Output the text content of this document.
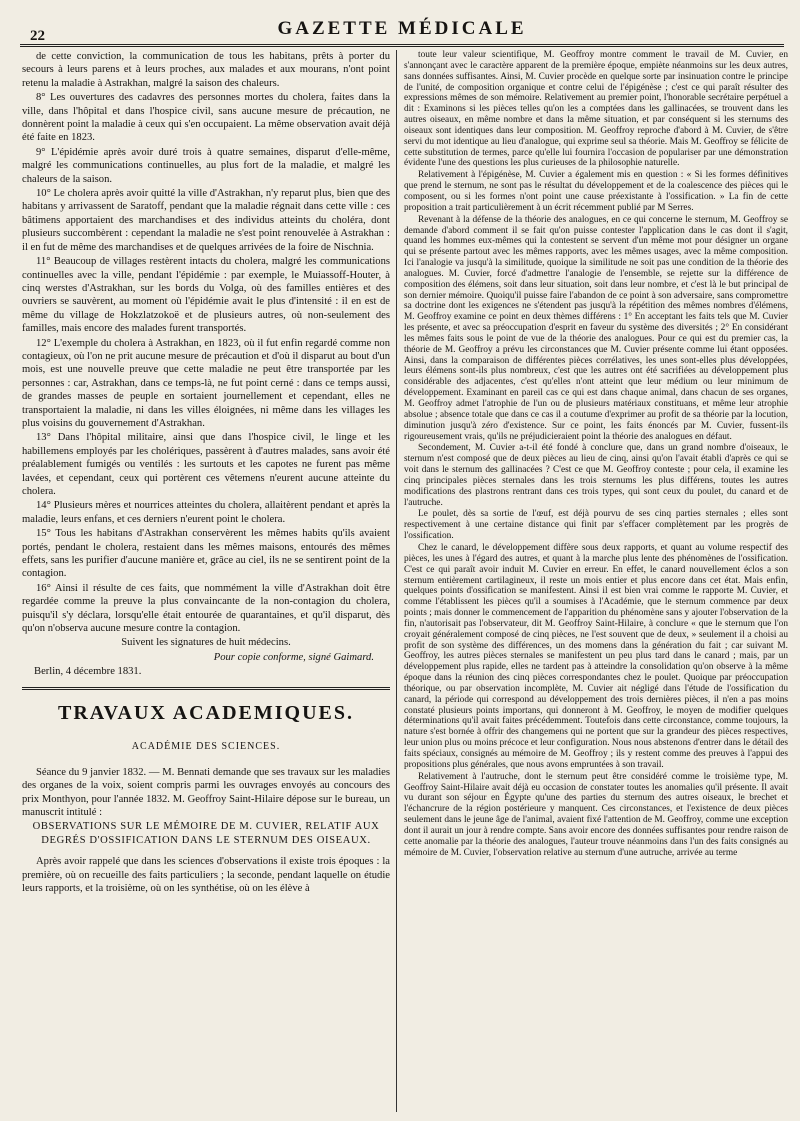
22	GAZETTE MÉDICALE

de cette conviction, la communication de tous les habitans, prêts à porter du secours à leurs parens et à leurs proches, aux malades et aux mourans, n'ont point retenu la maladie à Astrakhan, malgré la saison des chaleurs.

8° Les ouvertures des cadavres des personnes mortes du cholera, faites dans la ville, dans l'hôpital et dans l'hospice civil, sans aucune mesure de précaution, ne donnèrent point la maladie à ceux qui s'en occupaient. La même observation avait déjà été faite en 1823.

9° L'épidémie après avoir duré trois à quatre semaines, disparut d'elle-même, malgré les communications continuelles, au plus fort de la maladie, et malgré les chaleurs de la saison.

10° Le cholera après avoir quitté la ville d'Astrakhan, n'y reparut plus, bien que des habitans y arrivassent de Saratoff, pendant que la maladie régnait dans cette ville : ces bâtimens apportaient des marchandises et des individus atteints du choléra, dont plusieurs succombèrent : cependant la maladie ne s'est point renouvelée à Astrakhan : il en fut de même des marchandises et de quelques arrivées de la foire de Nischnia.

11° Beaucoup de villages restèrent intacts du cholera, malgré les communications continuelles avec la ville, pendant l'épidémie : par exemple, le Muiassoff-Houter, à cinq werstes d'Astrakhan, sur les bords du Volga, où des familles entières et des ouvriers se sauvèrent, au moment où l'épidémie avait le plus d'intensité : il en est de même du village de Hokzlatzokoë et de plusieurs autres, où non-seulement des familles, mais encore des malades furent transportés.

12° L'exemple du cholera à Astrakhan, en 1823, où il fut enfin regardé comme non contagieux, où l'on ne prit aucune mesure de précaution et d'où il disparut au bout d'un mois, est une nouvelle preuve que cette maladie ne peut être transportée par les personnes : car, Astrakhan, dans ce temps-là, ne fut point cerné : dans ce temps aussi, de grandes masses de peuple en sortaient journellement et cependant, elles ne transportaient la maladie, ni dans les villes éloignées, ni même dans les villages les plus voisins du gouvernement d'Astrakhan.

13° Dans l'hôpital militaire, ainsi que dans l'hospice civil, le linge et les habillemens employés par les cholériques, passèrent à d'autres malades, sans avoir été préalablement fumigés ou ventilés : les surtouts et les capotes ne furent pas même lavées, et cependant, ceux qui portèrent ces vêtemens n'eurent aucune atteinte du cholera.

14° Plusieurs mères et nourrices atteintes du cholera, allaitèrent pendant et après la maladie, leurs enfans, et ces derniers n'eurent point le cholera.

15° Tous les habitans d'Astrakhan conservèrent les mêmes habits qu'ils avaient portés, pendant le cholera, restaient dans les mêmes maisons, entourés des mêmes effets, sans les purifier d'aucune manière et, grâce au ciel, ils ne se sentirent point de la contagion.

16° Ainsi il résulte de ces faits, que nommément la ville d'Astrakhan doit être regardée comme la preuve la plus convaincante de la non-contagion du cholera, puisqu'il s'y déclara, lorsqu'elle était entourée de quarantaines, et qu'il disparut, dès qu'on n'observa aucune mesure contre la contagion.

Suivent les signatures de huit médecins.

Pour copie conforme, signé Gaimard.

Berlin, 4 décembre 1831.

TRAVAUX ACADEMIQUES.
ACADÉMIE DES SCIENCES.

Séance du 9 janvier 1832. — M. Bennati demande que ses travaux sur les maladies des organes de la voix, soient compris parmi les ouvrages envoyés au concours des prix Monthyon, pour l'année 1832. M. Geoffroy Saint-Hilaire dépose sur le bureau, un manuscrit intitulé :

OBSERVATIONS SUR LE MÉMOIRE DE M. CUVIER, RELATIF AUX DEGRÉS D'OSSIFICATION DANS LE STERNUM DES OISEAUX.

Après avoir rappelé que dans les sciences d'observations il existe trois époques : la première, où on recueille des faits particuliers ; la seconde, pendant laquelle on étudie leurs rapports, et la troisième, où on les synthétise, où on les élève à

toute leur valeur scientifique, M. Geoffroy montre comment le travail de M. Cuvier, en s'annonçant avec le caractère apparent de la première époque, empiète néanmoins sur les deux autres, sans données suffisantes. Ainsi, M. Cuvier procède en quelque sorte par insinuation contre le principe de l'unité, de composition organique et contre celui de l'épigénèse ; c'est ce qui paraît résulter des expressions mêmes de son mémoire. Relativement au premier point, l'honorable secrétaire perpétuel a dit : Examinons si les pièces telles qu'on les a comptées dans les gallinacées, se trouvent dans les autres oiseaux, en même nombre et dans la même situation, et par conséquent si les sternums des oiseaux sont identiques dans leur composition. M. Geoffroy reproche d'abord à M. Cuvier, de s'être servi du mot identique au lieu d'analogue, qui exprime seul sa théorie. Mais M. Geoffroy se félicite de cette substitution de termes, parce qu'elle lui fournira l'occasion de populariser par une démonstration évidente l'une des questions les plus curieuses de la philosophie naturelle.

Relativement à l'épigénèse, M. Cuvier a également mis en question : « Si les formes définitives que prend le sternum, ne sont pas le résultat du développement et de la coalescence des pièces qui le composent, ou si les formes n'ont point une cause préexistante à l'ossification. » La fin de cette proposition a trait particulièrement à un écrit récemment publié par M Serres.

Revenant à la défense de la théorie des analogues, en ce qui concerne le sternum, M. Geoffroy se demande d'abord comment il se fait qu'on puisse contester l'application dans le cas dont il s'agit, quand les hommes eux-mêmes qui la contestent se servent d'un même mot pour désigner un organe qui se présente partout avec les mêmes rapports, avec les mêmes usages, avec la même composition. Ici l'analogie va jusqu'à la similitude, quoique la similitude ne soit pas une condition de la théorie des analogues. M. Cuvier, forcé d'admettre l'analogie de l'ensemble, se rejette sur la différence de composition des élémens, soit dans leur situation, soit dans leur nombre, et c'est là le but principal de son dernier mémoire. Quoiqu'il puisse faire l'abandon de ce point à son adversaire, sans compromettre sa doctrine dont les exigences ne s'étendent pas jusqu'à la répétition des mêmes nombres d'élémens, M. Geoffroy examine ce point en deux thèmes différens : 1° En acceptant les faits tels que M. Cuvier les présente, et avec sa préoccupation d'esprit en faveur du système des diversités ; 2° En considérant les mêmes faits sous le point de vue de la théorie des analogues. Pour ce qui est du premier cas, la théorie de M. Geoffroy a prévu les circonstances que M. Cuvier présente comme lui étant opposées. Ainsi, dans la comparaison de différentes pièces corrélatives, les unes sont-elles plus développées, leurs élémens sont-ils plus nombreux, c'est que les autres ont été sacrifiées au développement plus considérable des adjacentes, c'est qu'elles n'ont atteint que leur médium ou leur minimum de développement. Examinant en pareil cas ce qui est dans chaque animal, dans chacun de ses organes, M. Geoffroy admet l'atrophie de l'un ou de plusieurs matériaux constituans, et même leur atrophie absolue ; absence totale que dans ce cas il a coutume d'exprimer au profit de sa théorie par la locution, diminution jusqu'à zéro d'existence. Sur ce point, les faits énoncés par M. Cuvier, fussent-ils rigoureusement vrais, qu'ils ne préjudicieraient point la théorie des analogues en défaut.

Secondement, M. Cuvier a-t-il été fondé à conclure que, dans un grand nombre d'oiseaux, le sternum n'est composé que de deux pièces au lieu de cinq, ainsi qu'on l'avait établi d'après ce qui se voit dans le sternum des gallinacées ? C'est ce que M. Geoffroy conteste ; pour cela, il examine les cinq principales pièces sternales dans les trois sternums les plus différens, toutes les autres modifications des plastrons rentrant dans ces trois types, qui sont ceux du poulet, du canard et de l'autruche.

Le poulet, dès sa sortie de l'œuf, est déjà pourvu de ses cinq parties sternales ; elles sont respectivement à une certaine distance qui finit par s'effacer complètement par les progrès de l'ossification.

Chez le canard, le développement diffère sous deux rapports, et quant au volume respectif des pièces, les unes à l'égard des autres, et quant à la marche plus lente des phénomènes de l'ossification. C'est ce qui paraît avoir induit M. Cuvier en erreur. En effet, le canard nouvellement éclos a son sternum entièrement cartilagineux, il reste un mois entier et plus encore dans cet état. Mais enfin, quelques points d'ossification se manifestent. Ainsi il est bien vrai comme le rapporte M. Cuvier, et comme l'établissent les pièces qu'il a soumises à l'Académie, que le sternum commence par deux points ; mais donner le commencement de l'apparition du phénomène sans y ajouter l'observation de la fin, n'autorisait pas l'observateur, dit M. Geoffroy Saint-Hilaire, à conclure « que le sternum que l'on croyait généralement composé de cinq pièces, ne l'est souvent que de deux, » seulement il a choisi au profit de son système des différences, un des momens dans la génération du fait ; car suivant M. Geoffroy, les autres pièces sternales se manifestent un peu plus tard dans le canard ; mais, par un développement plus rapide, elles ne tardent pas à atteindre la consolidation qu'on observe à la même époque dans la réunion des cinq pièces correspondantes chez le poulet. Quoique par préoccupation théorique, ou par observation incomplète, M. Cuvier ait négligé dans l'étude de l'ossification du canard, la période qui correspond au développement des trois dernières pièces, il n'en a pas moins constaté plusieurs points importans, qui donneront à M. Geoffroy, le moyen de modifier quelques déterminations qu'il avait faites précédemment. Toutefois dans cette circonstance, comme toujours, la nature s'est bornée à offrir des changemens qui ne portent que sur la grandeur des pièces respectives, leur union plus ou moins précoce et leur configuration. Nous nous abstenons d'entrer dans le détail des faits spéciaux, consignés au mémoire de M. Geoffroy ; ils y restent comme des preuves à l'appui des propositions plus générales, que nous avons empruntées à son travail.

Relativement à l'autruche, dont le sternum peut être considéré comme le troisième type, M. Geoffroy Saint-Hilaire avait déjà eu occasion de constater toutes les anomalies qu'il présente. Il avait vu durant son séjour en Égypte qu'une des parties du sternum des autres oiseaux, le brechet et l'échancrure de la région postérieure y manquent. Ces circonstances, et l'existence de deux pièces seulement dans le jeune âge de l'animal, avaient fixé l'attention de M. Geoffroy, comme une exception dont il aurait un jour à rendre compte. Sans avoir encore des données suffisantes pour rendre raison de cette anomalie par la théorie des analogues, l'auteur trouve néanmoins dans l'un des faits consignés au mémoire de M. Cuvier, l'observation relative au sternum d'une autruche, arrivée au terme
